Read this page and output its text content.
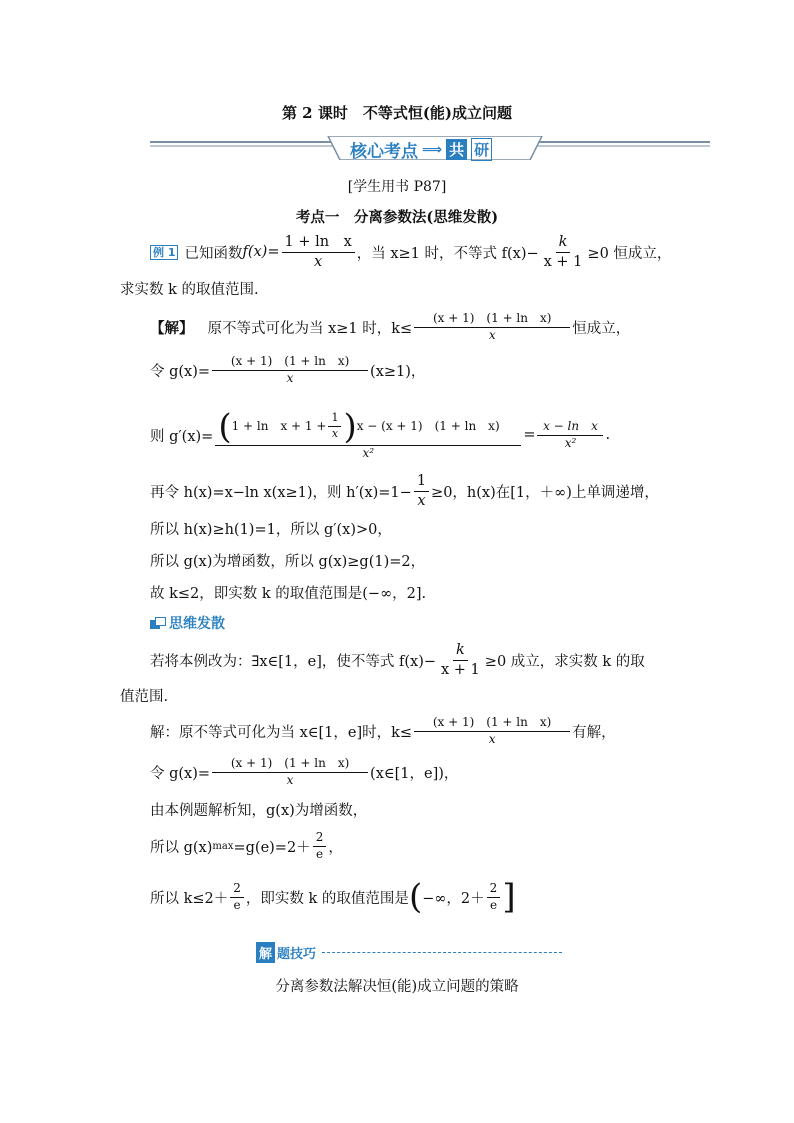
第 2 课时　不等式恒(能)成立问题
核心考点 ⟹ 共 研
[学生用书 P87]
考点一　分离参数法(思维发散)
例 1 已知函数 $f(x)= \frac{\text{1 + ln　x}}{x}$ ，当 x≥1 时，不等式 $f(x)- \frac{k}{x + 1} \ge 0$ 恒成立，
求实数 k 的取值范围.
【解】 原不等式可化为当 x≥1 时，$k\le \frac{\text{(x + 1)　(1 + ln　x)}}{x}$ 恒成立，
令 $g(x)= \frac{\text{(x + 1)　(1 + ln　x)}}{x} (x\ge 1)$，
则 g′(x)= ( 1 + ln　$x + 1 + \frac{1}{x}$ ) x − (x + 1)　(1 + ln　x)
x²
= $\frac{\text{x − ln　x}}{\text{x²}}$ .
再令 h(x)=x−ln x(x≥1)，则 $h'(x)=1- \frac{1}{x} \ge 0$，h(x)在[1，＋∞)上单调递增，
所以 h(x)≥h(1)=1，所以 g′(x)>0，
所以 g(x)为增函数，所以 g(x)≥g(1)=2，
故 k≤2，即实数 k 的取值范围是(−∞，2].
思维发散
若将本例改为：∃x∈[1，e]，使不等式 $f(x)- \frac{k}{x + 1} \ge 0$ 成立，求实数 k 的取
值范围.
解：原不等式可化为当 x∈[1，e]时，$k\le \frac{\text{(x + 1)　(1 + ln　x)}}{x}$ 有解，
令 $g(x)= \frac{\text{(x + 1)　(1 + ln　x)}}{x}$ (x∈[1，e])，
由本例题解析知，g(x)为增函数，
所以 g(x) $\max =g(e)=2+ \frac{2}{e}$ ，
所以 $k\le 2+ \frac{2}{e}$ ，即实数 k 的取值范围是 ( −∞，$2+ \frac{2}{e}$ ]
解 题技巧
分离参数法解决恒(能)成立问题的策略
